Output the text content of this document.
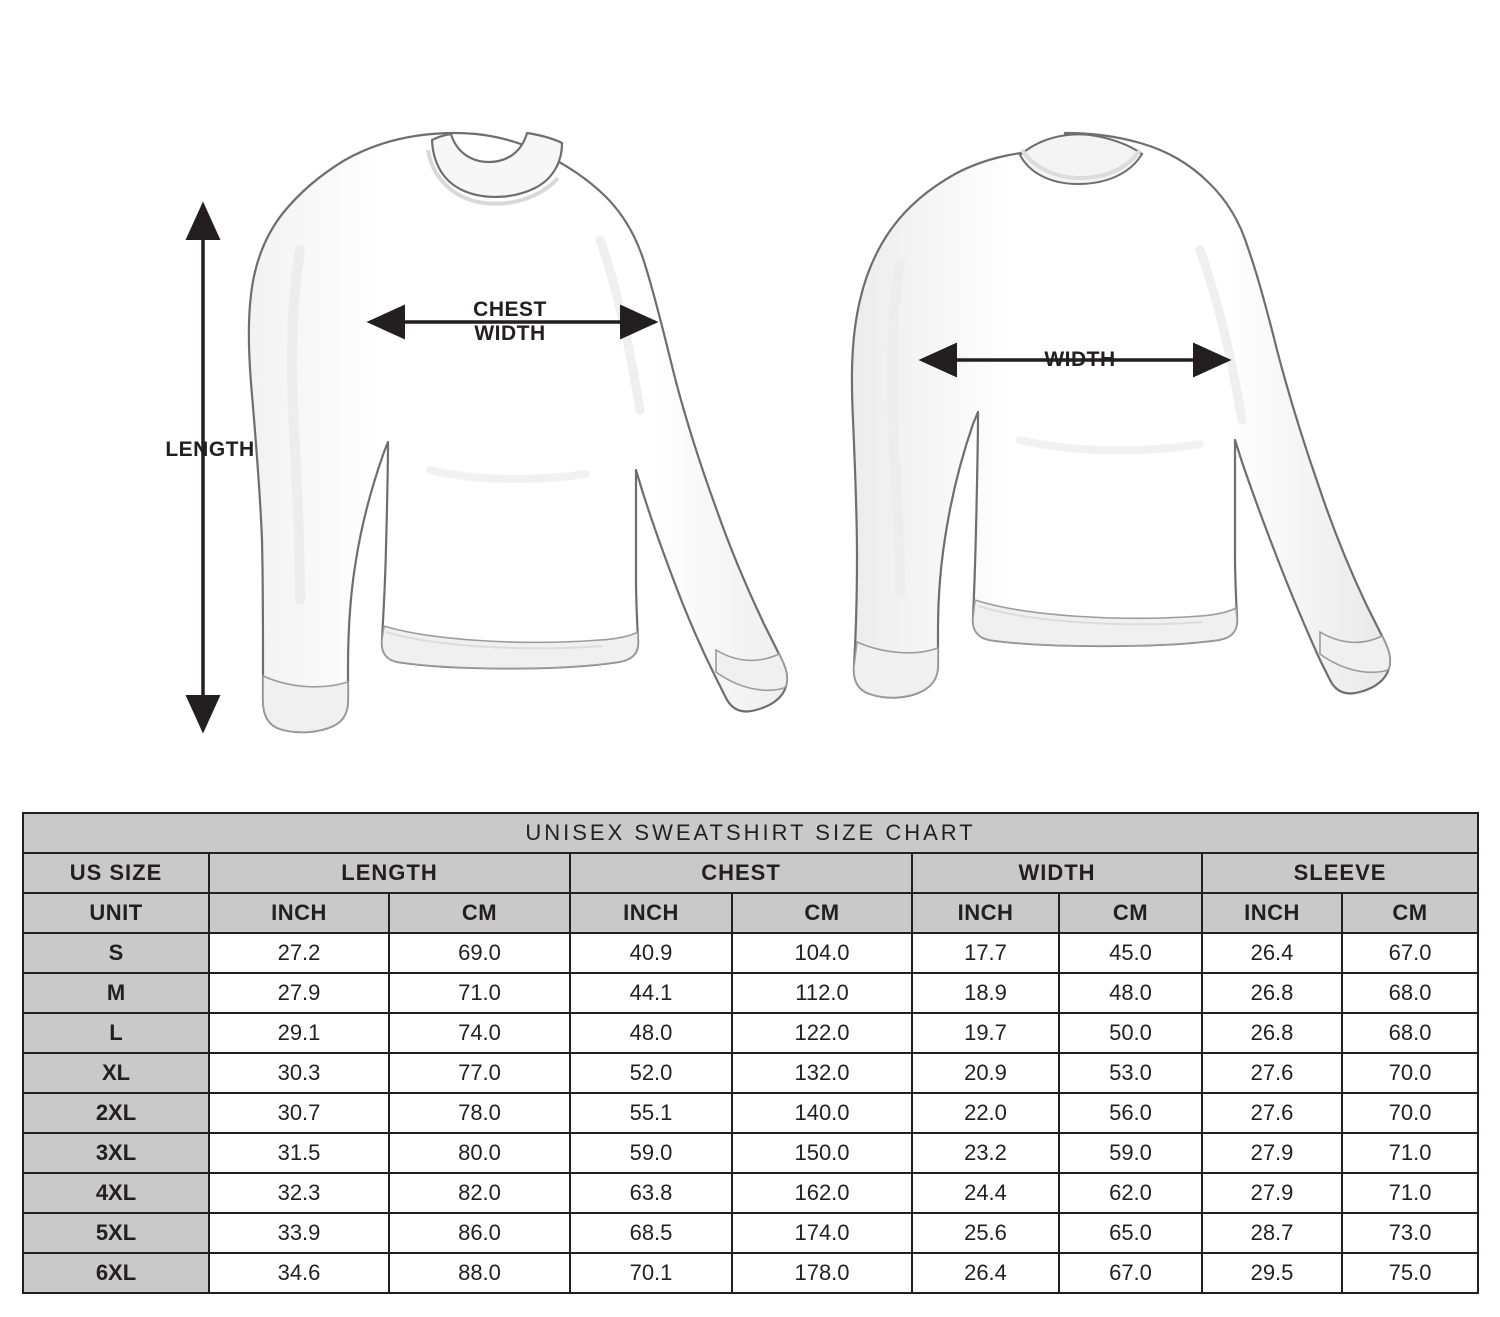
LENGTH
CHEST
WIDTH
WIDTH
UNISEX SWEATSHIRT SIZE CHART								
US SIZE	LENGTH		CHEST		WIDTH		SLEEVE	
UNIT	INCH	CM	INCH	CM	INCH	CM	INCH	CM
S	27.2	69.0	40.9	104.0	17.7	45.0	26.4	67.0
M	27.9	71.0	44.1	112.0	18.9	48.0	26.8	68.0
L	29.1	74.0	48.0	122.0	19.7	50.0	26.8	68.0
XL	30.3	77.0	52.0	132.0	20.9	53.0	27.6	70.0
2XL	30.7	78.0	55.1	140.0	22.0	56.0	27.6	70.0
3XL	31.5	80.0	59.0	150.0	23.2	59.0	27.9	71.0
4XL	32.3	82.0	63.8	162.0	24.4	62.0	27.9	71.0
5XL	33.9	86.0	68.5	174.0	25.6	65.0	28.7	73.0
6XL	34.6	88.0	70.1	178.0	26.4	67.0	29.5	75.0
